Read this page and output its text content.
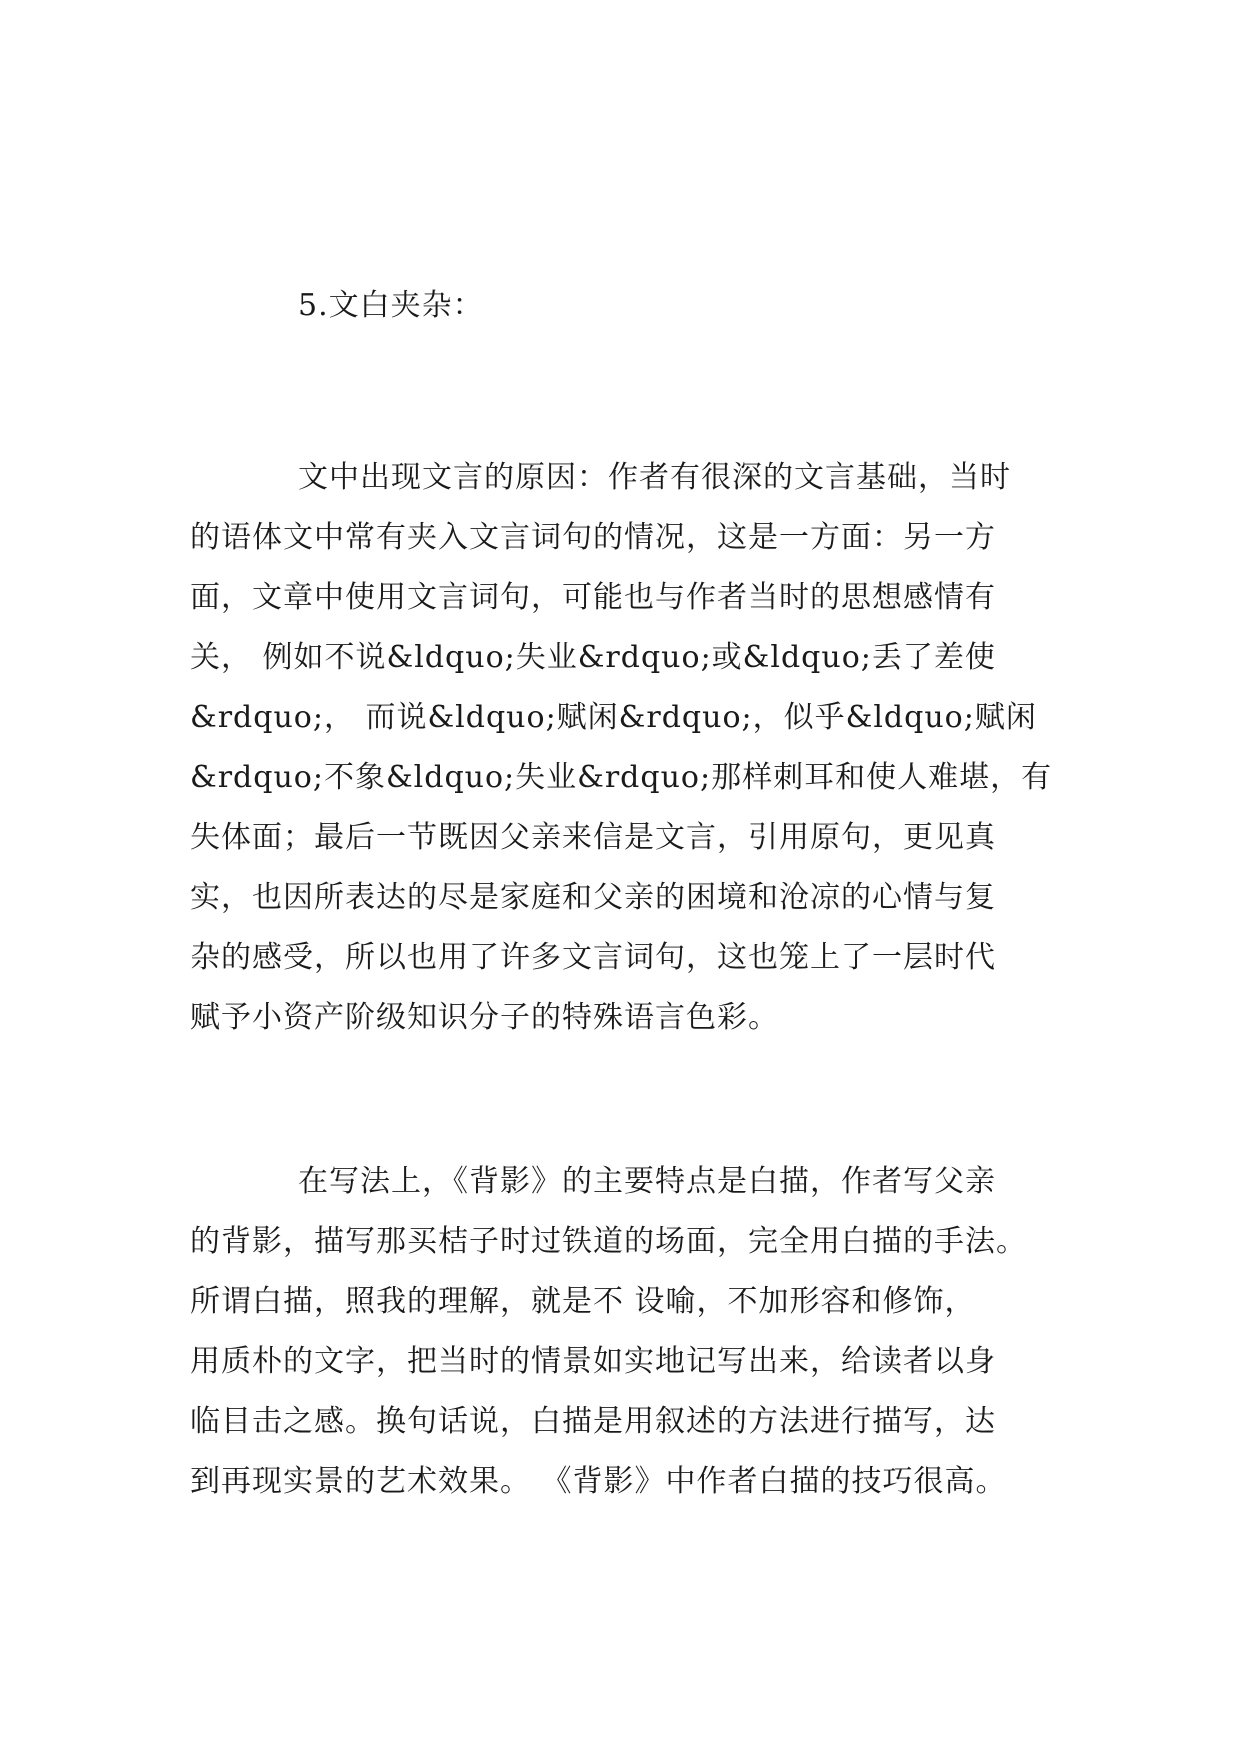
5.文白夹杂：
文中出现文言的原因：作者有很深的文言基础，当时
的语体文中常有夹入文言词句的情况，这是一方面：另一方
面，文章中使用文言词句，可能也与作者当时的思想感情有
关， 例如不说&ldquo;失业&rdquo;或&ldquo;丢了差使
&rdquo;， 而说&ldquo;赋闲&rdquo;，似乎&ldquo;赋闲
&rdquo;不象&ldquo;失业&rdquo;那样刺耳和使人难堪，有
失体面；最后一节既因父亲来信是文言，引用原句，更见真
实，也因所表达的尽是家庭和父亲的困境和沧凉的心情与复
杂的感受，所以也用了许多文言词句，这也笼上了一层时代
赋予小资产阶级知识分子的特殊语言色彩。
在写法上，《背影》的主要特点是白描，作者写父亲
的背影，描写那买桔子时过铁道的场面，完全用白描的手法。
所谓白描，照我的理解，就是不 设喻，不加形容和修饰，
用质朴的文字，把当时的情景如实地记写出来，给读者以身
临目击之感。换句话说，白描是用叙述的方法进行描写，达
到再现实景的艺术效果。 《背影》中作者白描的技巧很高。
